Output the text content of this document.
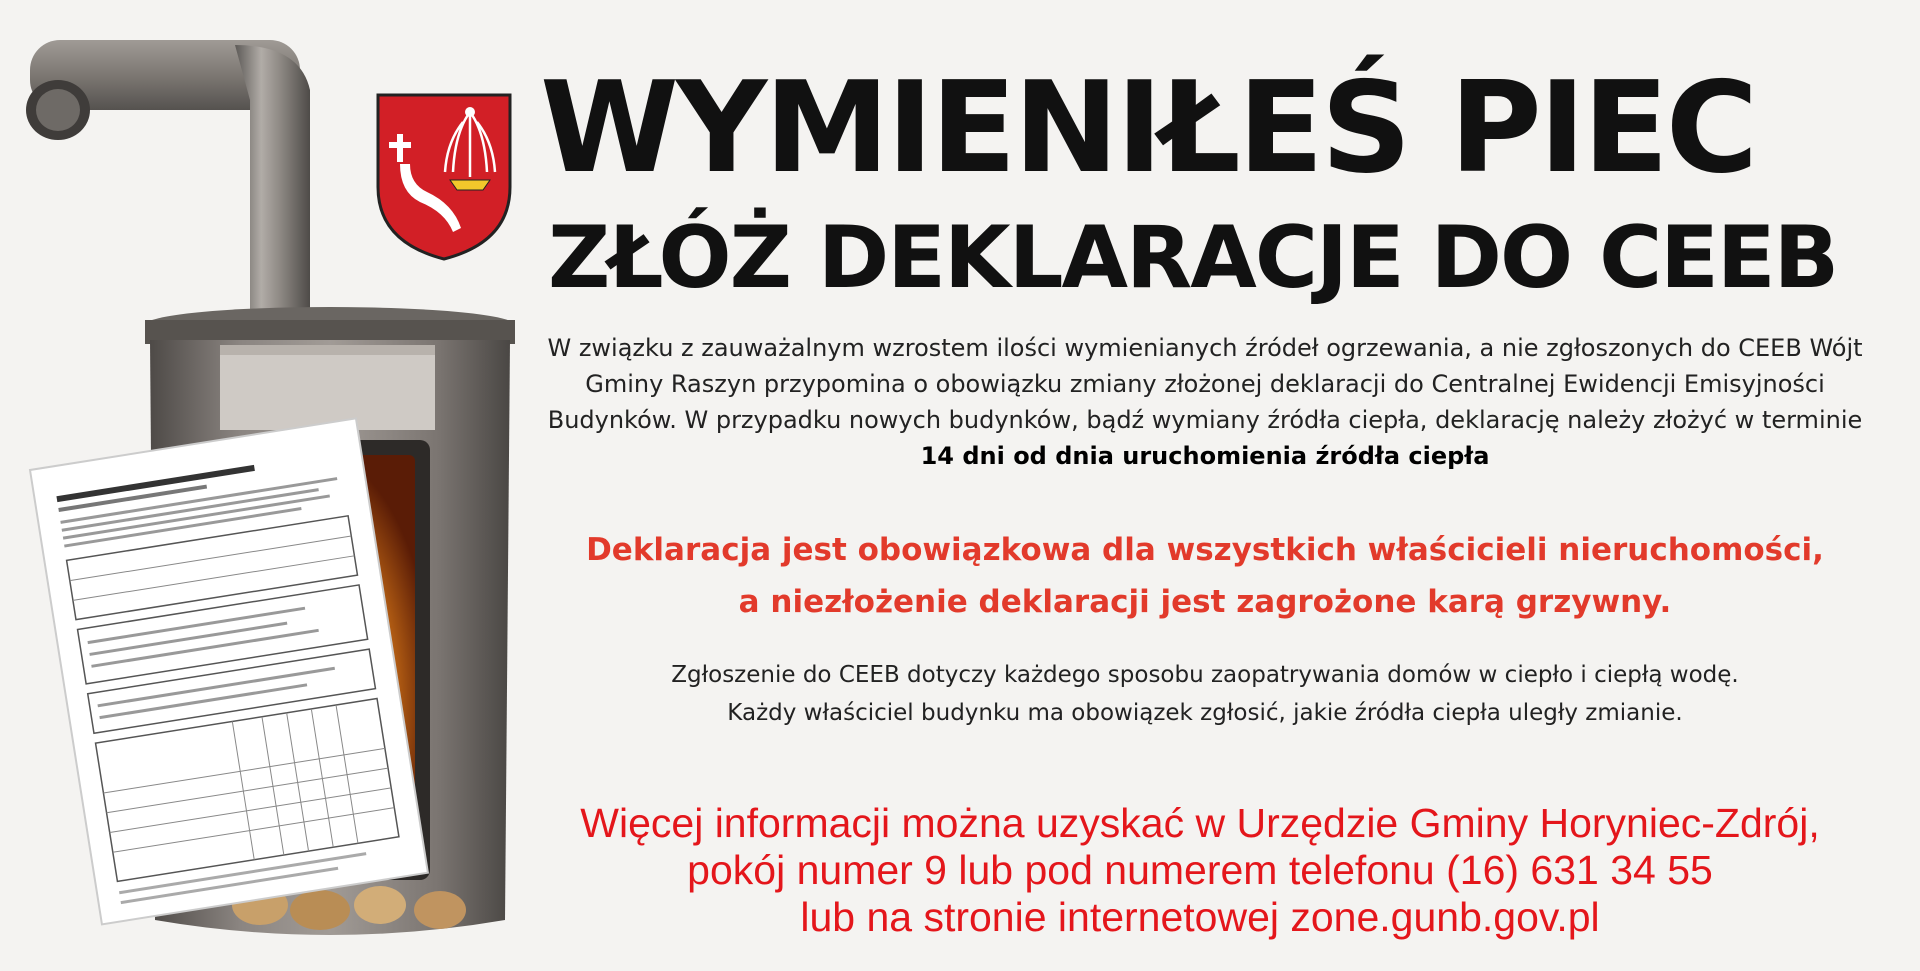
WYMIENIŁEŚ PIEC
ZŁÓŻ DEKLARACJE DO CEEB
W związku z zauważalnym wzrostem ilości wymienianych źródeł ogrzewania, a nie zgłoszonych do CEEB Wójt Gminy Raszyn przypomina o obowiązku zmiany złożonej deklaracji do Centralnej Ewidencji Emisyjności Budynków. W przypadku nowych budynków, bądź wymiany źródła ciepła, deklarację należy złożyć w terminie 14 dni od dnia uruchomienia źródła ciepła
Deklaracja jest obowiązkowa dla wszystkich właścicieli nieruchomości,
a niezłożenie deklaracji jest zagrożone karą grzywny.
Zgłoszenie do CEEB dotyczy każdego sposobu zaopatrywania domów w ciepło i ciepłą wodę.
Każdy właściciel budynku ma obowiązek zgłosić, jakie źródła ciepła uległy zmianie.
Więcej informacji można uzyskać w Urzędzie Gminy Horyniec-Zdrój,
pokój numer 9 lub pod numerem telefonu (16) 631 34 55
lub na stronie internetowej zone.gunb.gov.pl
